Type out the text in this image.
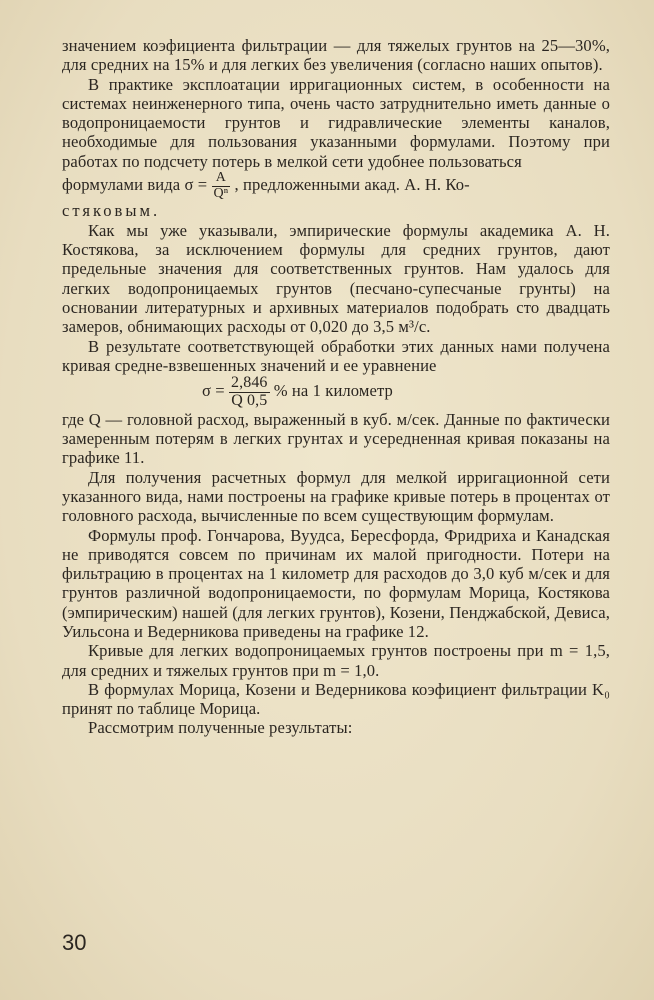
значением коэфициента фильтрации — для тяжелых грунтов на 25—30%, для средних на 15% и для легких без увеличения (согласно наших опытов).

В практике эксплоатации ирригационных систем, в особенности на системах неинженерного типа, очень часто затруднительно иметь данные о водопроницаемости грунтов и гидравлические элементы каналов, необходимые для пользования указанными формулами. Поэтому при работах по подсчету потерь в мелкой сети удобнее пользоваться

формулами вида $\sigma = \frac{A}{\text{Qⁿ}}$ , предложенными акад. А. Н. Ко-

стяковым.

Как мы уже указывали, эмпирические формулы академика А. Н. Костякова, за исключением формулы для средних грунтов, дают предельные значения для соответственных грунтов. Нам удалось для легких водопроницаемых грунтов (песчано-супесчаные грунты) на основании литературных и архивных материалов подобрать сто двадцать замеров, обнимающих расходы от 0,020 до 3,5 м³/с.

В результате соответствующей обработки этих данных нами получена кривая средне-взвешенных значений и ее уравнение

$\sigma = \frac{2,846}{Q 0,5}$ % на 1 километр

где Q — головной расход, выраженный в куб. м/сек. Данные по фактически замеренным потерям в легких грунтах и усередненная кривая показаны на графике 11.

Для получения расчетных формул для мелкой ирригационной сети указанного вида, нами построены на графике кривые потерь в процентах от головного расхода, вычисленные по всем существующим формулам.

Формулы проф. Гончарова, Вуудса, Бересфорда, Фридриха и Канадская не приводятся совсем по причинам их малой пригодности. Потери на фильтрацию в процентах на 1 километр для расходов до 3,0 куб м/сек и для грунтов различной водопроницаемости, по формулам Морица, Костякова (эмпирическим) нашей (для легких грунтов), Козени, Пенджабской, Девиса, Уильсона и Ведерникова приведены на графике 12.

Кривые для легких водопроницаемых грунтов построены при m = 1,5, для средних и тяжелых грунтов при m = 1,0.

В формулах Морица, Козени и Ведерникова коэфициент фильтрации K₀ принят по таблице Морица.

Рассмотрим полученные результаты:

30
